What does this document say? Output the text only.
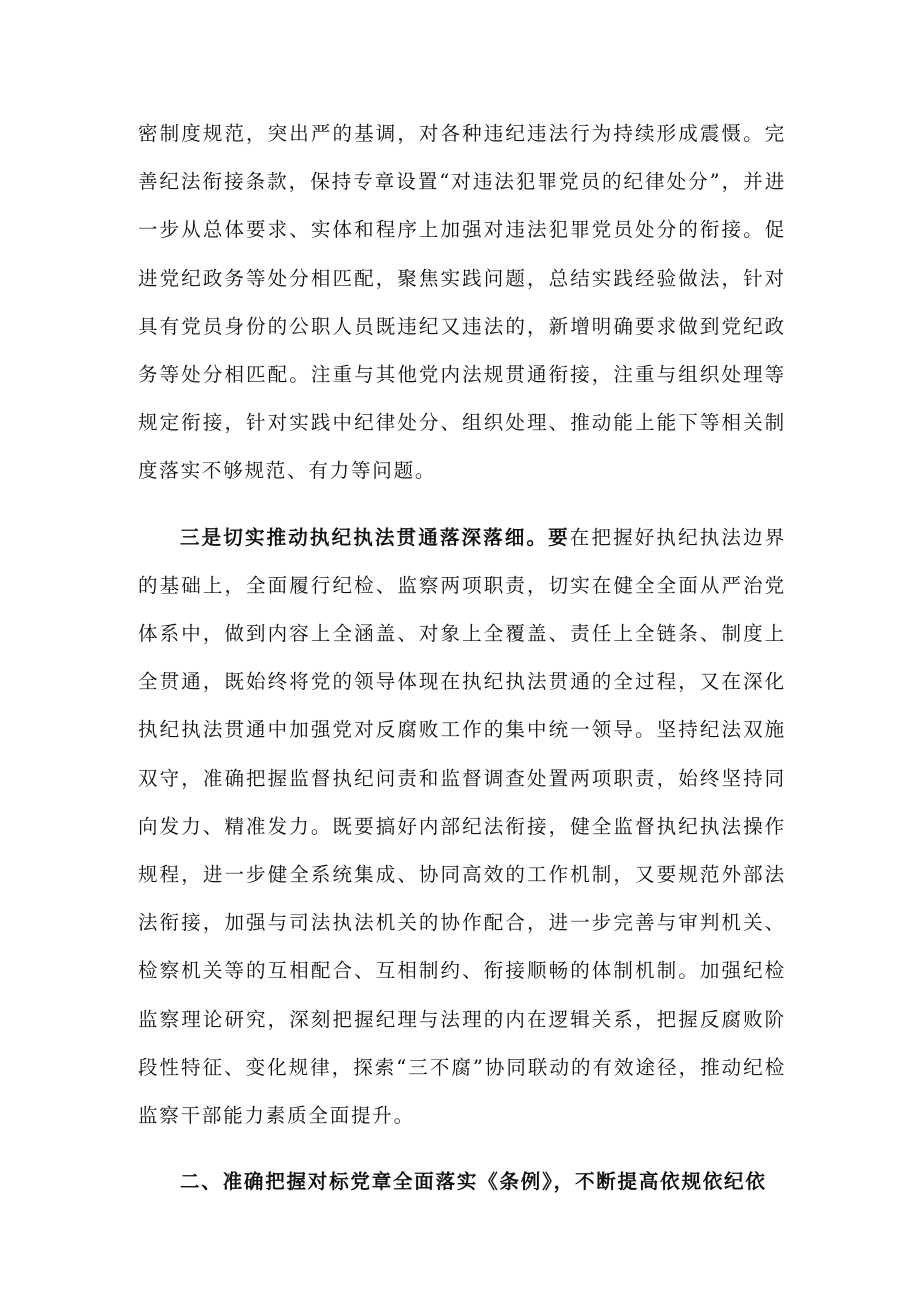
密制度规范，突出严的基调，对各种违纪违法行为持续形成震慑。完善纪法衔接条款，保持专章设置“对违法犯罪党员的纪律处分”，并进一步从总体要求、实体和程序上加强对违法犯罪党员处分的衔接。促进党纪政务等处分相匹配，聚焦实践问题，总结实践经验做法，针对具有党员身份的公职人员既违纪又违法的，新增明确要求做到党纪政务等处分相匹配。注重与其他党内法规贯通衔接，注重与组织处理等规定衔接，针对实践中纪律处分、组织处理、推动能上能下等相关制度落实不够规范、有力等问题。

三是切实推动执纪执法贯通落深落细。要在把握好执纪执法边界的基础上，全面履行纪检、监察两项职责，切实在健全全面从严治党体系中，做到内容上全涵盖、对象上全覆盖、责任上全链条、制度上全贯通，既始终将党的领导体现在执纪执法贯通的全过程，又在深化执纪执法贯通中加强党对反腐败工作的集中统一领导。坚持纪法双施双守，准确把握监督执纪问责和监督调查处置两项职责，始终坚持同向发力、精准发力。既要搞好内部纪法衔接，健全监督执纪执法操作规程，进一步健全系统集成、协同高效的工作机制，又要规范外部法法衔接，加强与司法执法机关的协作配合，进一步完善与审判机关、检察机关等的互相配合、互相制约、衔接顺畅的体制机制。加强纪检监察理论研究，深刻把握纪理与法理的内在逻辑关系，把握反腐败阶段性特征、变化规律，探索“三不腐”协同联动的有效途径，推动纪检监察干部能力素质全面提升。

二、准确把握对标党章全面落实《条例》，不断提高依规依纪依
